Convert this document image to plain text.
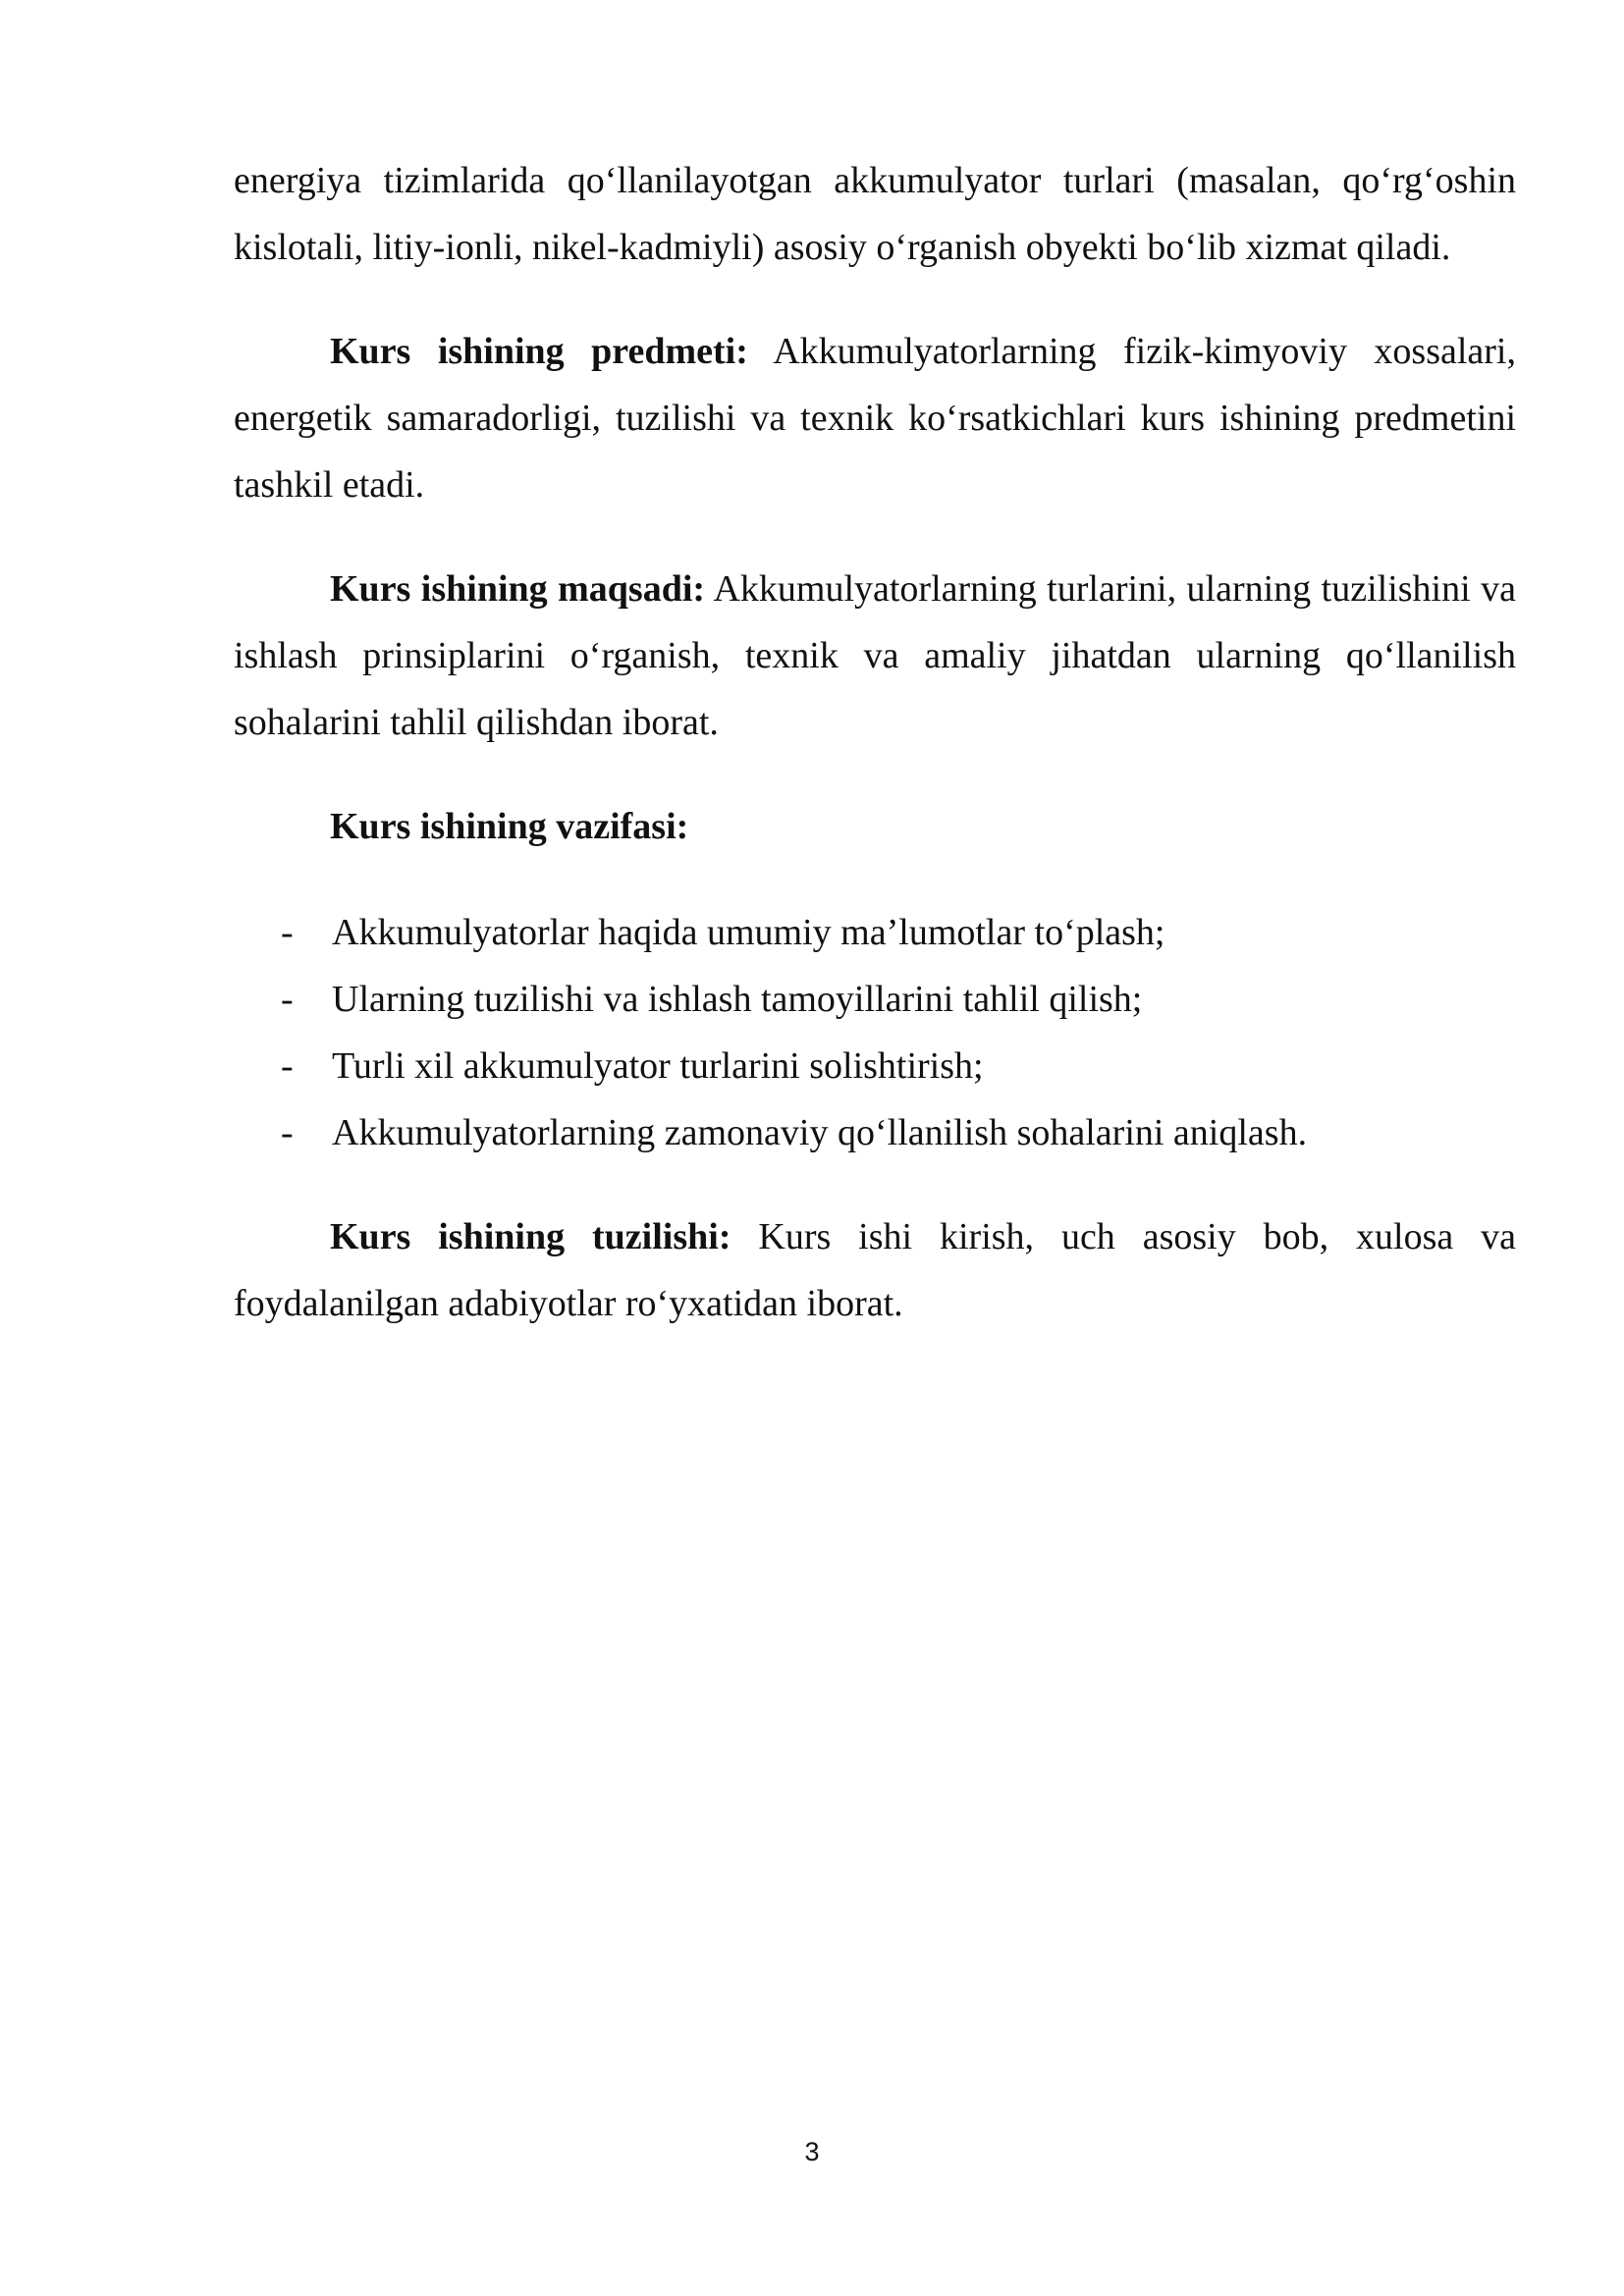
energiya tizimlarida qo‘llanilayotgan akkumulyator turlari (masalan, qo‘rg‘oshin kislotali, litiy-ionli, nikel-kadmiyli) asosiy o‘rganish obyekti bo‘lib xizmat qiladi.

Kurs ishining predmeti: Akkumulyatorlarning fizik-kimyoviy xossalari, energetik samaradorligi, tuzilishi va texnik ko‘rsatkichlari kurs ishining predmetini tashkil etadi.

Kurs ishining maqsadi: Akkumulyatorlarning turlarini, ularning tuzilishini va ishlash prinsiplarini o‘rganish, texnik va amaliy jihatdan ularning qo‘llanilish sohalarini tahlil qilishdan iborat.

Kurs ishining vazifasi:

- Akkumulyatorlar haqida umumiy ma’lumotlar to‘plash;
- Ularning tuzilishi va ishlash tamoyillarini tahlil qilish;
- Turli xil akkumulyator turlarini solishtirish;
- Akkumulyatorlarning zamonaviy qo‘llanilish sohalarini aniqlash.

Kurs ishining tuzilishi: Kurs ishi kirish, uch asosiy bob, xulosa va foydalanilgan adabiyotlar ro‘yxatidan iborat.

3
